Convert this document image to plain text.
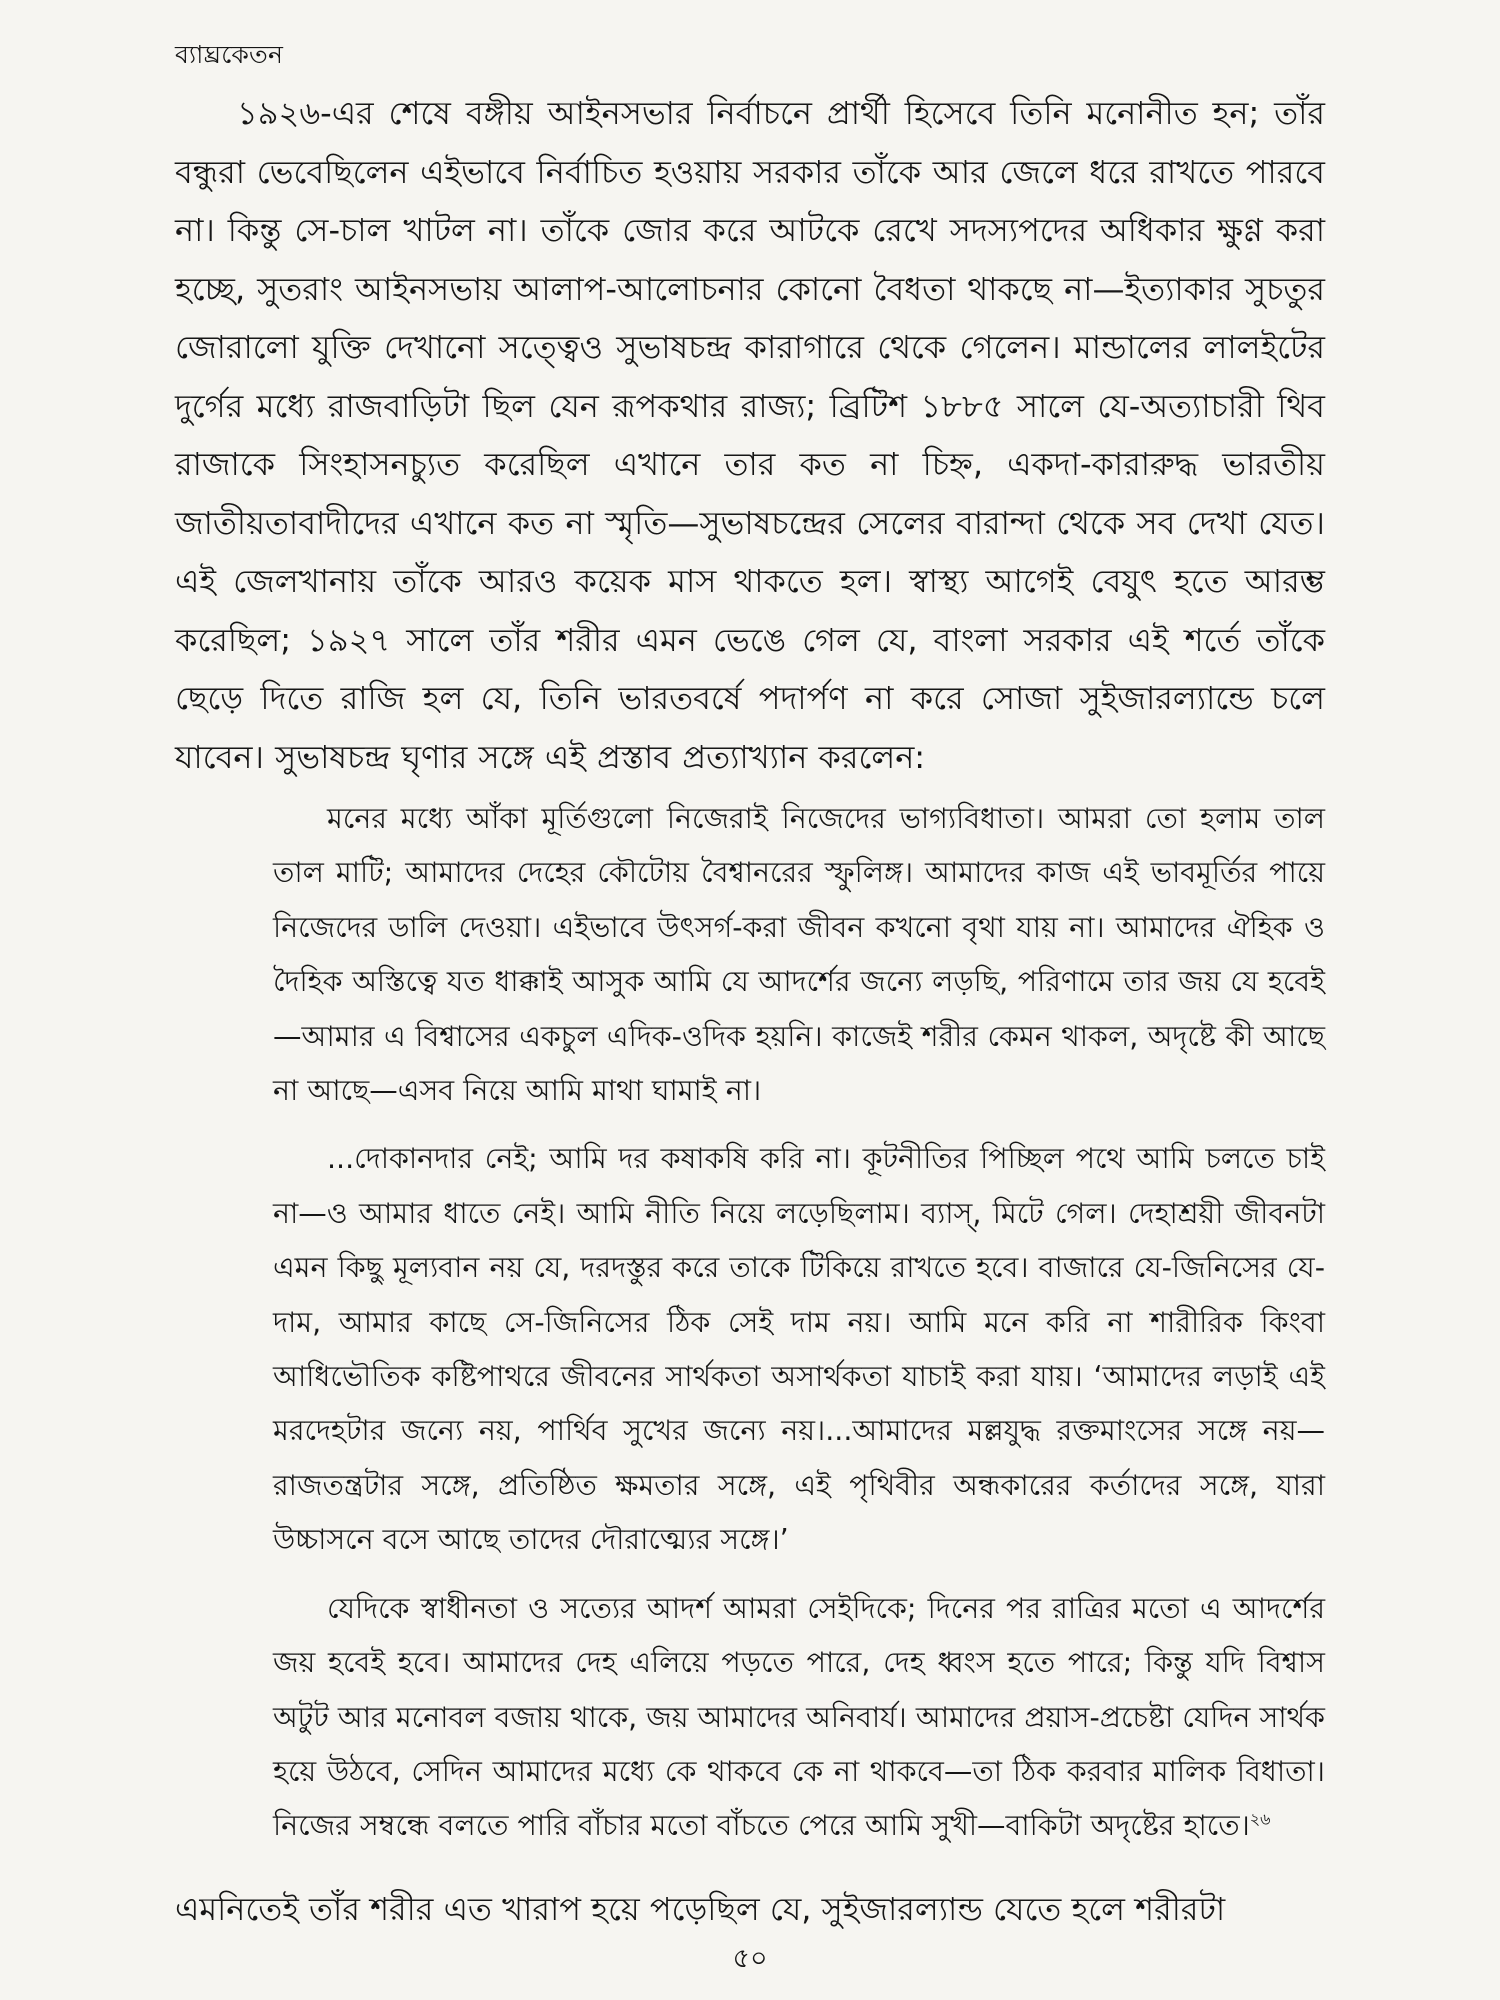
ব্যাঘ্রকেতন

১৯২৬-এর শেষে বঙ্গীয় আইনসভার নির্বাচনে প্রার্থী হিসেবে তিনি মনোনীত হন; তাঁর বন্ধুরা ভেবেছিলেন এইভাবে নির্বাচিত হওয়ায় সরকার তাঁকে আর জেলে ধরে রাখতে পারবে না। কিন্তু সে-চাল খাটল না। তাঁকে জোর করে আটকে রেখে সদস্যপদের অধিকার ক্ষুণ্ণ করা হচ্ছে, সুতরাং আইনসভায় আলাপ-আলোচনার কোনো বৈধতা থাকছে না—ইত্যাকার সুচতুর জোরালো যুক্তি দেখানো সত্ত্বেও সুভাষচন্দ্র কারাগারে থেকে গেলেন। মান্ডালের লালইটের দুর্গের মধ্যে রাজবাড়িটা ছিল যেন রূপকথার রাজ্য; ব্রিটিশ ১৮৮৫ সালে যে-অত্যাচারী থিব রাজাকে সিংহাসনচ্যুত করেছিল এখানে তার কত না চিহ্ন, একদা-কারারুদ্ধ ভারতীয় জাতীয়তাবাদীদের এখানে কত না স্মৃতি—সুভাষচন্দ্রের সেলের বারান্দা থেকে সব দেখা যেত। এই জেলখানায় তাঁকে আরও কয়েক মাস থাকতে হল। স্বাস্থ্য আগেই বেযুৎ হতে আরম্ভ করেছিল; ১৯২৭ সালে তাঁর শরীর এমন ভেঙে গেল যে, বাংলা সরকার এই শর্তে তাঁকে ছেড়ে দিতে রাজি হল যে, তিনি ভারতবর্ষে পদার্পণ না করে সোজা সুইজারল্যান্ডে চলে যাবেন। সুভাষচন্দ্র ঘৃণার সঙ্গে এই প্রস্তাব প্রত্যাখ্যান করলেন:

মনের মধ্যে আঁকা মূর্তিগুলো নিজেরাই নিজেদের ভাগ্যবিধাতা। আমরা তো হলাম তাল তাল মাটি; আমাদের দেহের কৌটোয় বৈশ্বানরের স্ফুলিঙ্গ। আমাদের কাজ এই ভাবমূর্তির পায়ে নিজেদের ডালি দেওয়া। এইভাবে উৎসর্গ-করা জীবন কখনো বৃথা যায় না। আমাদের ঐহিক ও দৈহিক অস্তিত্বে যত ধাক্কাই আসুক আমি যে আদর্শের জন্যে লড়ছি, পরিণামে তার জয় যে হবেই—আমার এ বিশ্বাসের একচুল এদিক-ওদিক হয়নি। কাজেই শরীর কেমন থাকল, অদৃষ্টে কী আছে না আছে—এসব নিয়ে আমি মাথা ঘামাই না।

...দোকানদার নেই; আমি দর কষাকষি করি না। কূটনীতির পিচ্ছিল পথে আমি চলতে চাই না—ও আমার ধাতে নেই। আমি নীতি নিয়ে লড়েছিলাম। ব্যাস্, মিটে গেল। দেহাশ্রয়ী জীবনটা এমন কিছু মূল্যবান নয় যে, দরদস্তুর করে তাকে টিকিয়ে রাখতে হবে। বাজারে যে-জিনিসের যে-দাম, আমার কাছে সে-জিনিসের ঠিক সেই দাম নয়। আমি মনে করি না শারীরিক কিংবা আধিভৌতিক কষ্টিপাথরে জীবনের সার্থকতা অসার্থকতা যাচাই করা যায়। ‘আমাদের লড়াই এই মরদেহটার জন্যে নয়, পার্থিব সুখের জন্যে নয়।...আমাদের মল্লযুদ্ধ রক্তমাংসের সঙ্গে নয়—রাজতন্ত্রটার সঙ্গে, প্রতিষ্ঠিত ক্ষমতার সঙ্গে, এই পৃথিবীর অন্ধকারের কর্তাদের সঙ্গে, যারা উচ্চাসনে বসে আছে তাদের দৌরাত্ম্যের সঙ্গে।’

যেদিকে স্বাধীনতা ও সত্যের আদর্শ আমরা সেইদিকে; দিনের পর রাত্রির মতো এ আদর্শের জয় হবেই হবে। আমাদের দেহ এলিয়ে পড়তে পারে, দেহ ধ্বংস হতে পারে; কিন্তু যদি বিশ্বাস অটুট আর মনোবল বজায় থাকে, জয় আমাদের অনিবার্য। আমাদের প্রয়াস-প্রচেষ্টা যেদিন সার্থক হয়ে উঠবে, সেদিন আমাদের মধ্যে কে থাকবে কে না থাকবে—তা ঠিক করবার মালিক বিধাতা। নিজের সম্বন্ধে বলতে পারি বাঁচার মতো বাঁচতে পেরে আমি সুখী—বাকিটা অদৃষ্টের হাতে।$^{২৬}$

এমনিতেই তাঁর শরীর এত খারাপ হয়ে পড়েছিল যে, সুইজারল্যান্ড যেতে হলে শরীরটা

৫০
